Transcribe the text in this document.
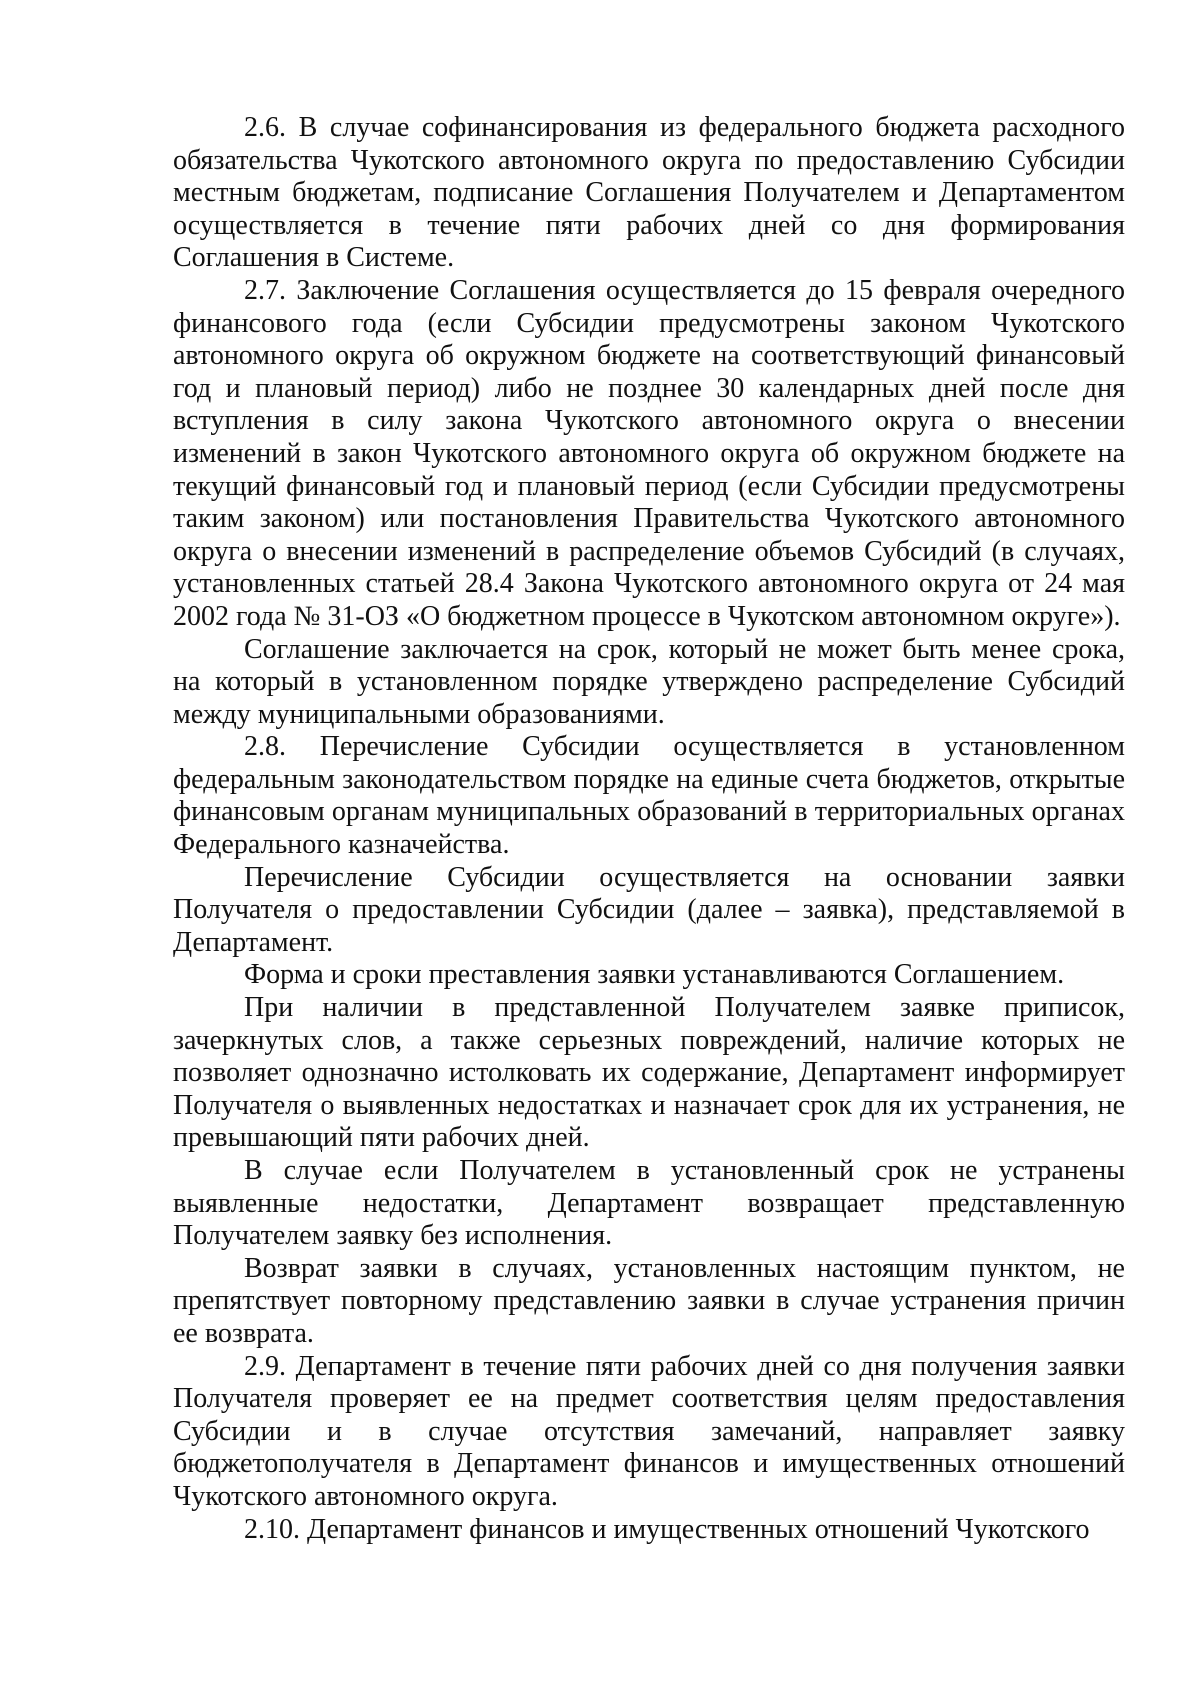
2.6. В случае софинансирования из федерального бюджета расходного обязательства Чукотского автономного округа по предоставлению Субсидии местным бюджетам, подписание Соглашения Получателем и Департаментом осуществляется в течение пяти рабочих дней со дня формирования Соглашения в Системе.

2.7. Заключение Соглашения осуществляется до 15 февраля очередного финансового года (если Субсидии предусмотрены законом Чукотского автономного округа об окружном бюджете на соответствующий финансовый год и плановый период) либо не позднее 30 календарных дней после дня вступления в силу закона Чукотского автономного округа о внесении изменений в закон Чукотского автономного округа об окружном бюджете на текущий финансовый год и плановый период (если Субсидии предусмотрены таким законом) или постановления Правительства Чукотского автономного округа о внесении изменений в распределение объемов Субсидий (в случаях, установленных статьей 28.4 Закона Чукотского автономного округа от 24 мая 2002 года № 31-ОЗ «О бюджетном процессе в Чукотском автономном округе»).

Соглашение заключается на срок, который не может быть менее срока, на который в установленном порядке утверждено распределение Субсидий между муниципальными образованиями.

2.8. Перечисление Субсидии осуществляется в установленном федеральным законодательством порядке на единые счета бюджетов, открытые финансовым органам муниципальных образований в территориальных органах Федерального казначейства.

Перечисление Субсидии осуществляется на основании заявки Получателя о предоставлении Субсидии (далее – заявка), представляемой в Департамент.

Форма и сроки преставления заявки устанавливаются Соглашением.

При наличии в представленной Получателем заявке приписок, зачеркнутых слов, а также серьезных повреждений, наличие которых не позволяет однозначно истолковать их содержание, Департамент информирует Получателя о выявленных недостатках и назначает срок для их устранения, не превышающий пяти рабочих дней.

В случае если Получателем в установленный срок не устранены выявленные недостатки, Департамент возвращает представленную Получателем заявку без исполнения.

Возврат заявки в случаях, установленных настоящим пунктом, не препятствует повторному представлению заявки в случае устранения причин ее возврата.

2.9. Департамент в течение пяти рабочих дней со дня получения заявки Получателя проверяет ее на предмет соответствия целям предоставления Субсидии и в случае отсутствия замечаний, направляет заявку бюджетополучателя в Департамент финансов и имущественных отношений Чукотского автономного округа.

2.10. Департамент финансов и имущественных отношений Чукотского
